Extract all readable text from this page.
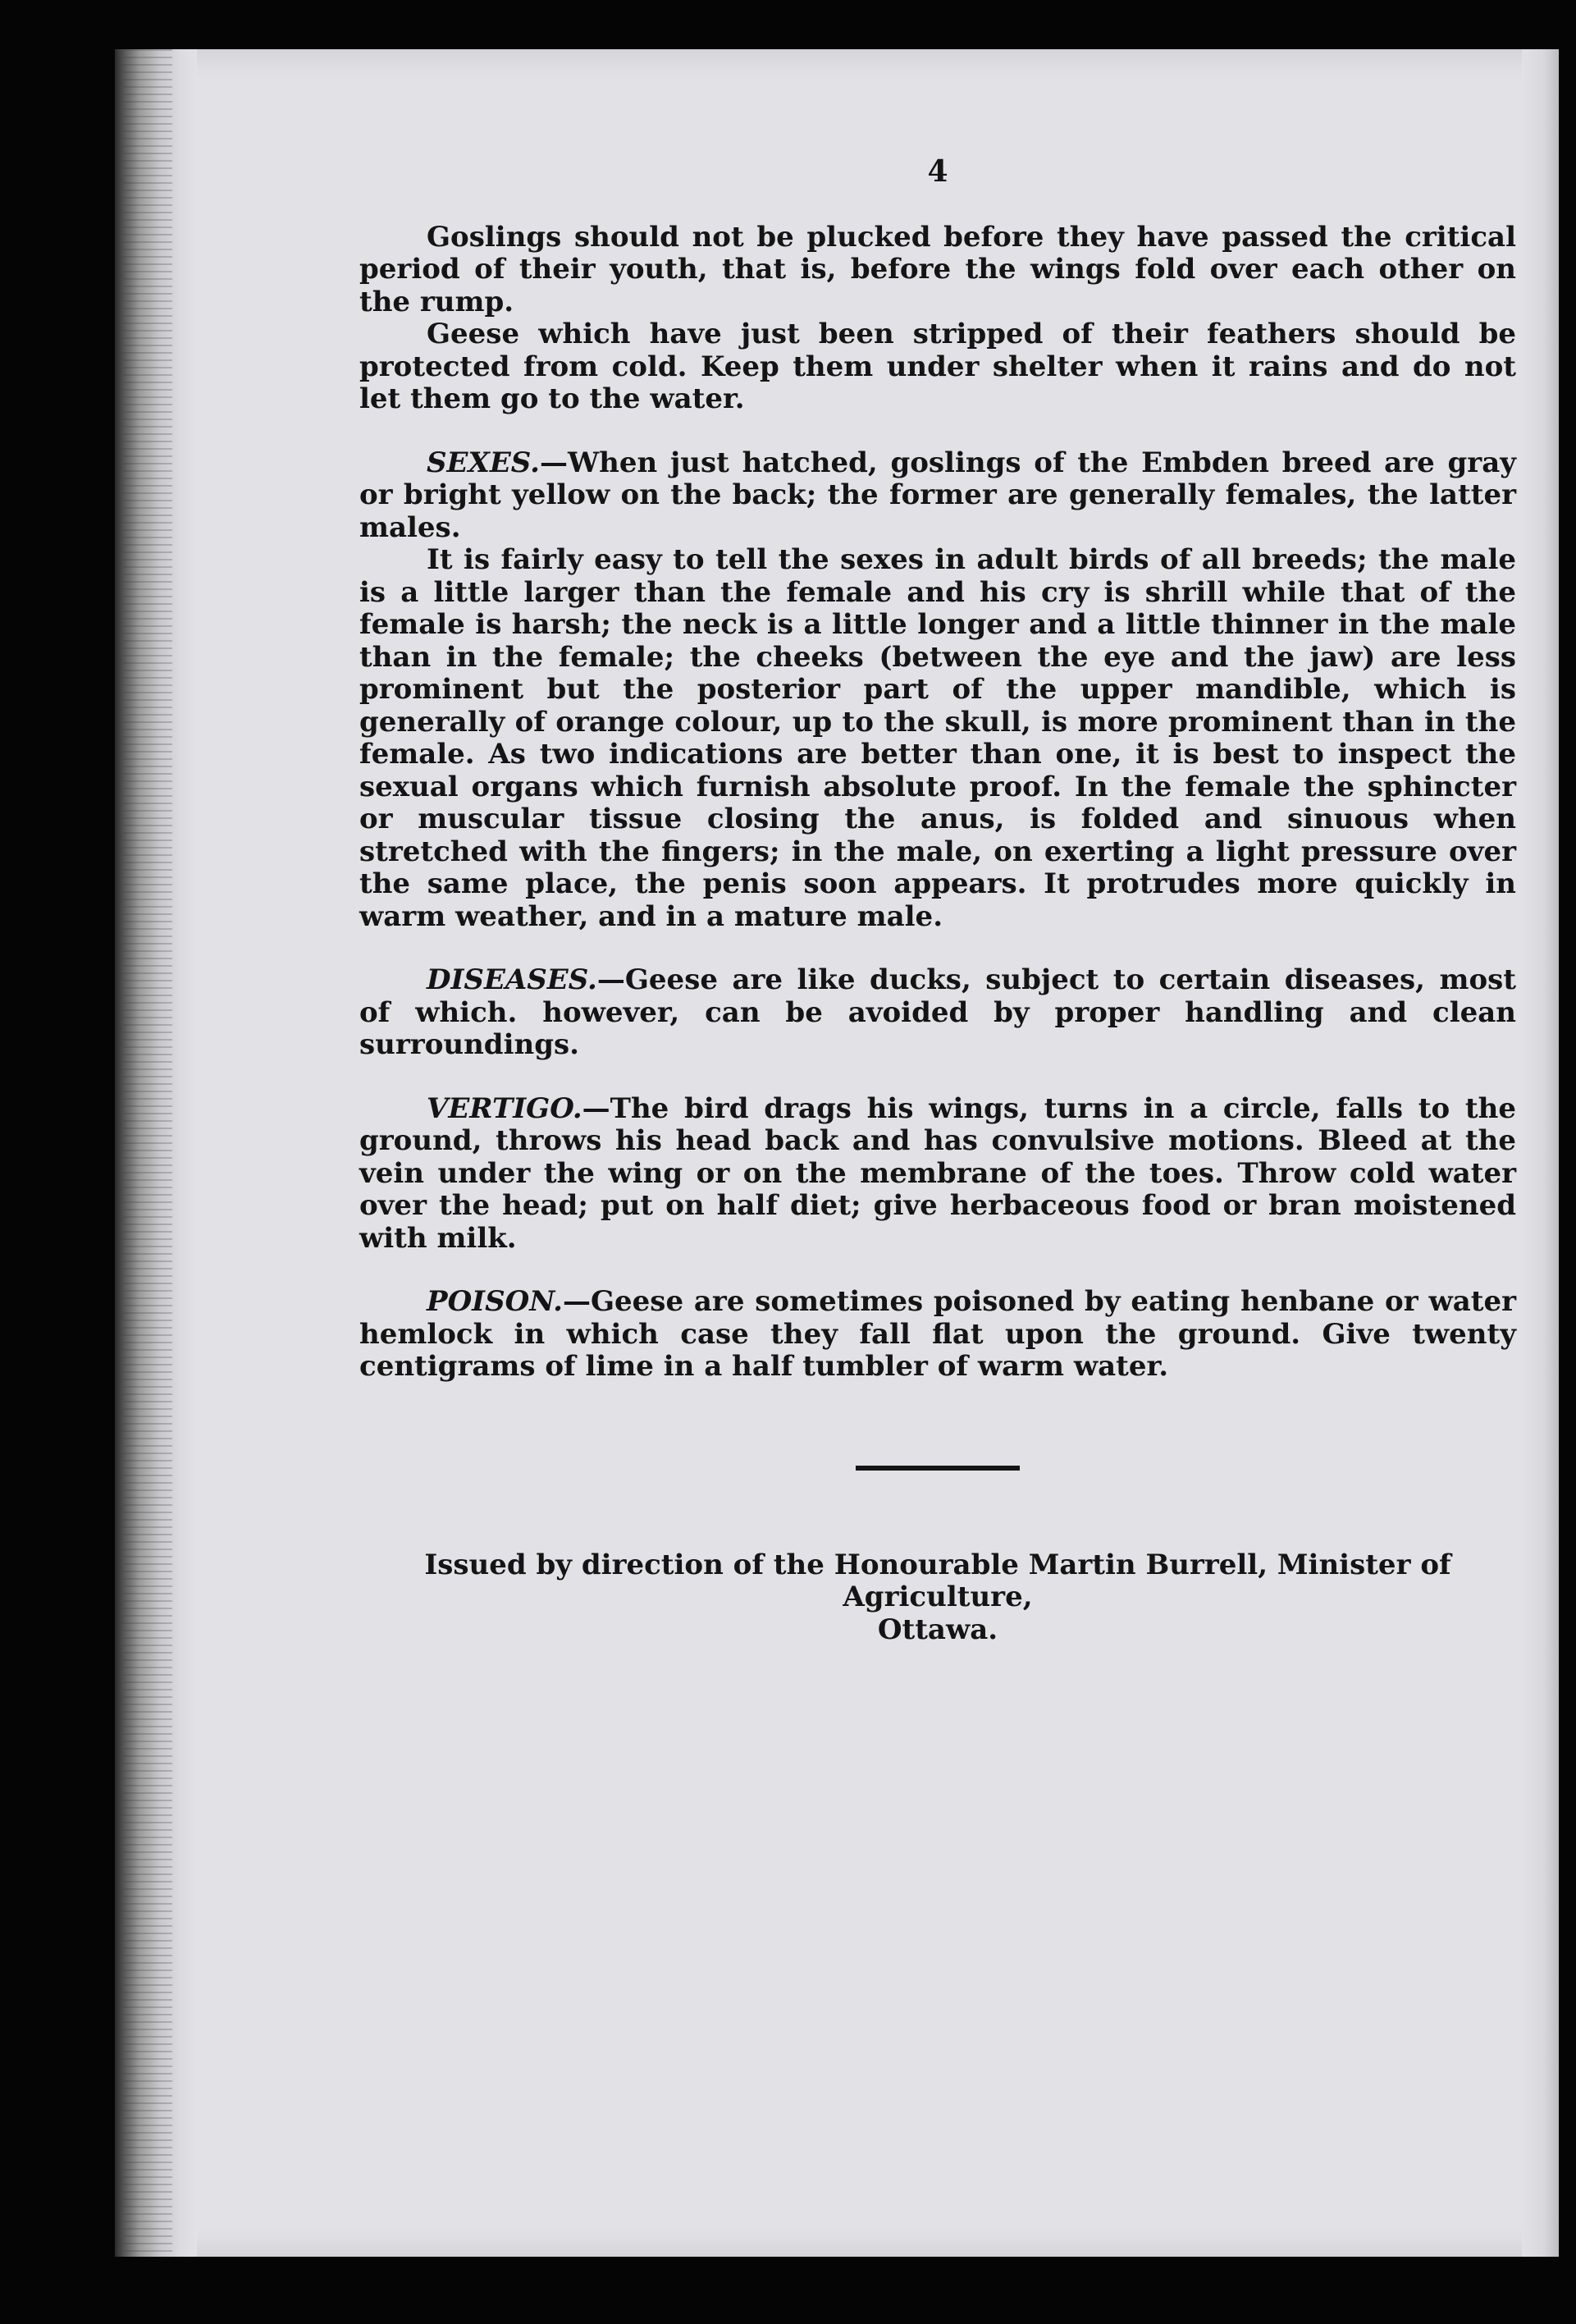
4

Goslings should not be plucked before they have passed the critical period of their youth, that is, before the wings fold over each other on the rump.

Geese which have just been stripped of their feathers should be protected from cold. Keep them under shelter when it rains and do not let them go to the water.

SEXES.—When just hatched, goslings of the Embden breed are gray or bright yellow on the back; the former are generally females, the latter males.

It is fairly easy to tell the sexes in adult birds of all breeds; the male is a little larger than the female and his cry is shrill while that of the female is harsh; the neck is a little longer and a little thinner in the male than in the female; the cheeks (between the eye and the jaw) are less prominent but the posterior part of the upper mandible, which is generally of orange colour, up to the skull, is more prominent than in the female. As two indications are better than one, it is best to inspect the sexual organs which furnish absolute proof. In the female the sphincter or muscular tissue closing the anus, is folded and sinuous when stretched with the fingers; in the male, on exerting a light pressure over the same place, the penis soon appears. It protrudes more quickly in warm weather, and in a mature male.

DISEASES.—Geese are like ducks, subject to certain diseases, most of which. however, can be avoided by proper handling and clean surroundings.

VERTIGO.—The bird drags his wings, turns in a circle, falls to the ground, throws his head back and has convulsive motions. Bleed at the vein under the wing or on the membrane of the toes. Throw cold water over the head; put on half diet; give herbaceous food or bran moistened with milk.

POISON.—Geese are sometimes poisoned by eating henbane or water hemlock in which case they fall flat upon the ground. Give twenty centigrams of lime in a half tumbler of warm water.

Issued by direction of the Honourable Martin Burrell, Minister of Agriculture,

Ottawa.
